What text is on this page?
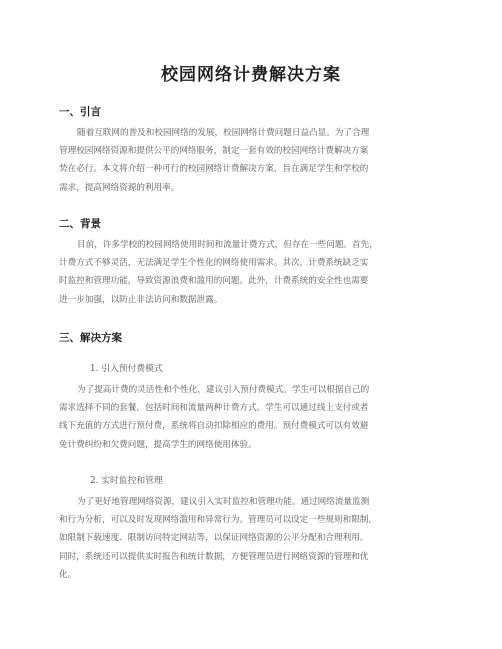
校园网络计费解决方案
一、引言
随着互联网的普及和校园网络的发展，校园网络计费问题日益凸显。为了合理
管理校园网络资源和提供公平的网络服务，制定一套有效的校园网络计费解决方案
势在必行。本文将介绍一种可行的校园网络计费解决方案，旨在满足学生和学校的
需求，提高网络资源的利用率。
二、背景
目前，许多学校的校园网络使用时间和流量计费方式，但存在一些问题。首先，
计费方式不够灵活，无法满足学生个性化的网络使用需求。其次，计费系统缺乏实
时监控和管理功能，导致资源浪费和滥用的问题。此外，计费系统的安全性也需要
进一步加强，以防止非法访问和数据泄露。
三、解决方案
1. 引入预付费模式
为了提高计费的灵活性和个性化，建议引入预付费模式。学生可以根据自己的
需求选择不同的套餐，包括时间和流量两种计费方式。学生可以通过线上支付或者
线下充值的方式进行预付费，系统将自动扣除相应的费用。预付费模式可以有效避
免计费纠纷和欠费问题，提高学生的网络使用体验。
2. 实时监控和管理
为了更好地管理网络资源，建议引入实时监控和管理功能。通过网络流量监测
和行为分析，可以及时发现网络滥用和异常行为。管理员可以设定一些规则和限制，
如限制下载速度、限制访问特定网站等，以保证网络资源的公平分配和合理利用。
同时，系统还可以提供实时报告和统计数据，方便管理员进行网络资源的管理和优
化。
